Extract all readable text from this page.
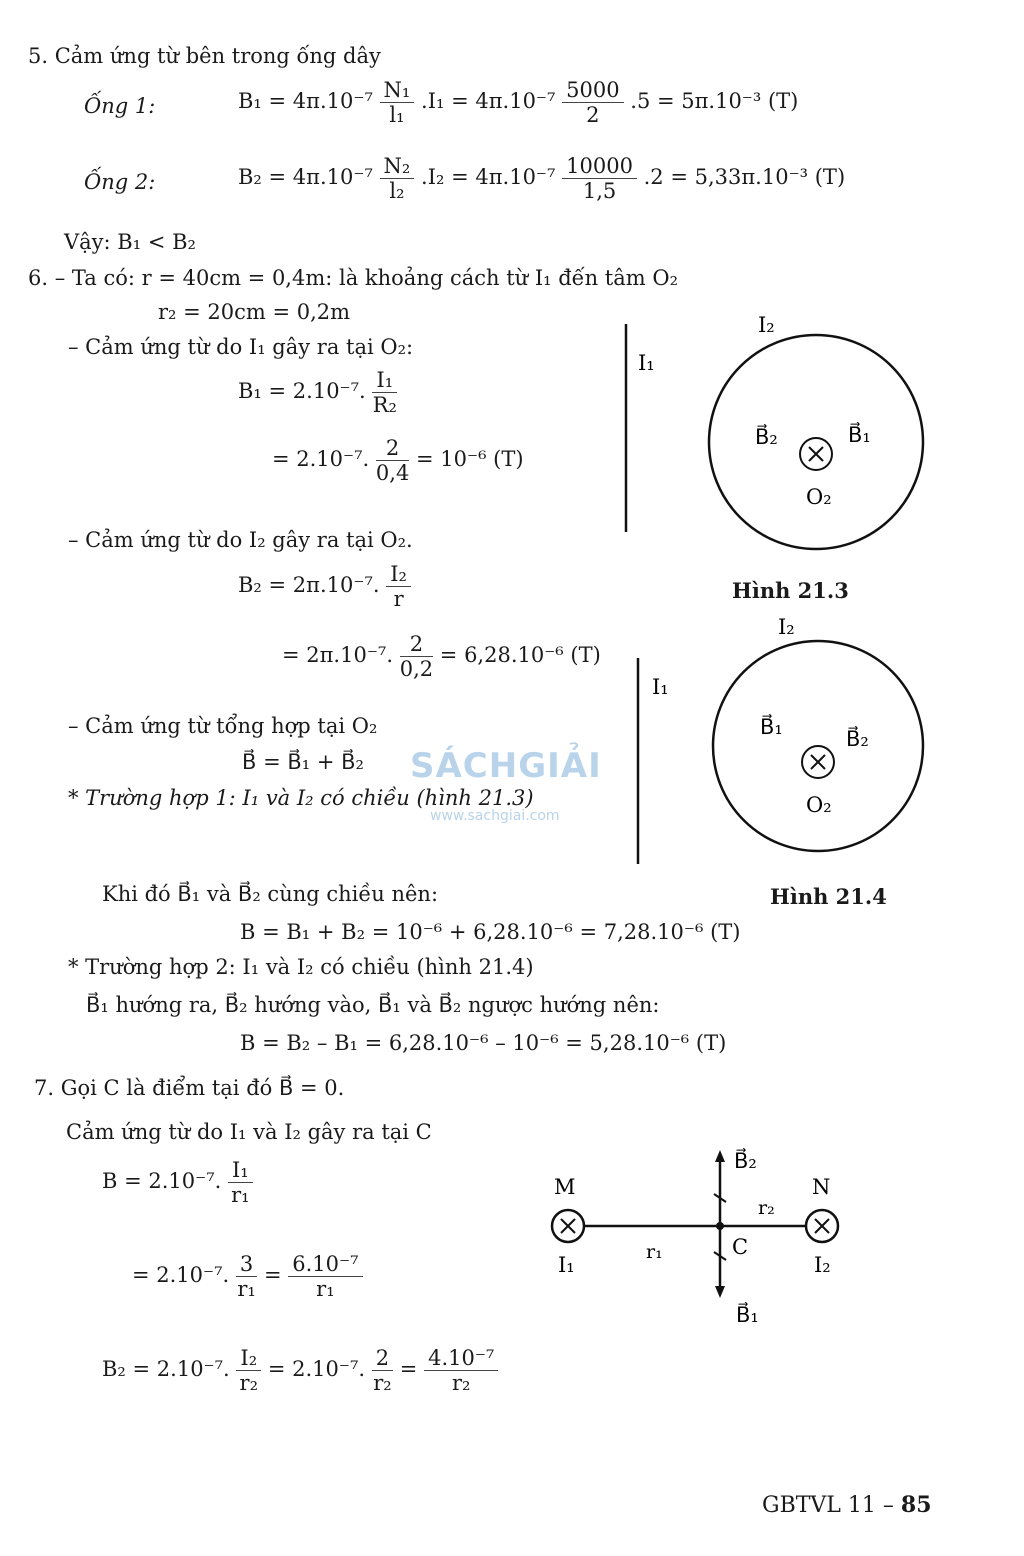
5. Cảm ứng từ bên trong ống dây
Ống 1:	$B_1 = 4\pi.10^{-7} \frac{\text{N₁}}{\text{l₁}} .I_1 = 4\pi.10^{-7} \frac{5000}{2} .5 = 5\pi.10^{-3}$ (T)
Ống 2:	$B_2 = 4\pi.10^{-7} \frac{\text{N₂}}{\text{l₂}} .I_2 = 4\pi.10^{-7} \frac{10000}{1,5} .2 = 5,33\pi.10^{-3}$ (T)
Vậy: B₁ < B₂
6. – Ta có: r = 40cm = 0,4m: là khoảng cách từ I₁ đến tâm O₂
r₂ = 20cm = 0,2m
– Cảm ứng từ do I₁ gây ra tại O₂:
B₁ = 2.10⁻⁷. $\frac{\text{I₁}}{\text{R₂}}$
= 2.10⁻⁷. $\frac{2}{0,4} = 10^{-6}$ (T)
– Cảm ứng từ do I₂ gây ra tại O₂.
B₂ = 2π.10⁻⁷. $\frac{\text{I₂}}{r}$
= 2π.10⁻⁷. $\frac{2}{0,2} = 6,28.10^{-6}$ (T)
– Cảm ứng từ tổng hợp tại O₂
B⃗ = B⃗₁ + B⃗₂
* Trường hợp 1: I₁ và I₂ có chiều (hình 21.3)
Khi đó B⃗₁ và B⃗₂ cùng chiều nên:
B = B₁ + B₂ = 10⁻⁶ + 6,28.10⁻⁶ = 7,28.10⁻⁶ (T)
* Trường hợp 2: I₁ và I₂ có chiều (hình 21.4)
B⃗₁ hướng ra, B⃗₂ hướng vào, B⃗₁ và B⃗₂ ngược hướng nên:
B = B₂ – B₁ = 6,28.10⁻⁶ – 10⁻⁶ = 5,28.10⁻⁶ (T)
I₁
I₂
B⃗₂	B⃗₁
O₂
Hình 21.3
I₁
I₂
B⃗₁	B⃗₂
O₂
Hình 21.4
SÁCHGIẢI
www.sachgiai.com
7. Gọi C là điểm tại đó B⃗ = 0.
Cảm ứng từ do I₁ và I₂ gây ra tại C
B = 2.10⁻⁷. $\frac{\text{I₁}}{\text{r₁}}$
= 2.10⁻⁷. $\frac{3}{\text{r₁}} = \frac{\text{6.10⁻⁷}}{\text{r₁}}$
B₂ = 2.10⁻⁷. $\frac{\text{I₂}}{\text{r₂}} = 2.10^{-7}$. $\frac{2}{\text{r₂}} = \frac{\text{4.10⁻⁷}}{\text{r₂}}$
M	N
I₁	I₂
C
r₁
r₂
B⃗₂
B⃗₁
GBTVL 11 – 85
